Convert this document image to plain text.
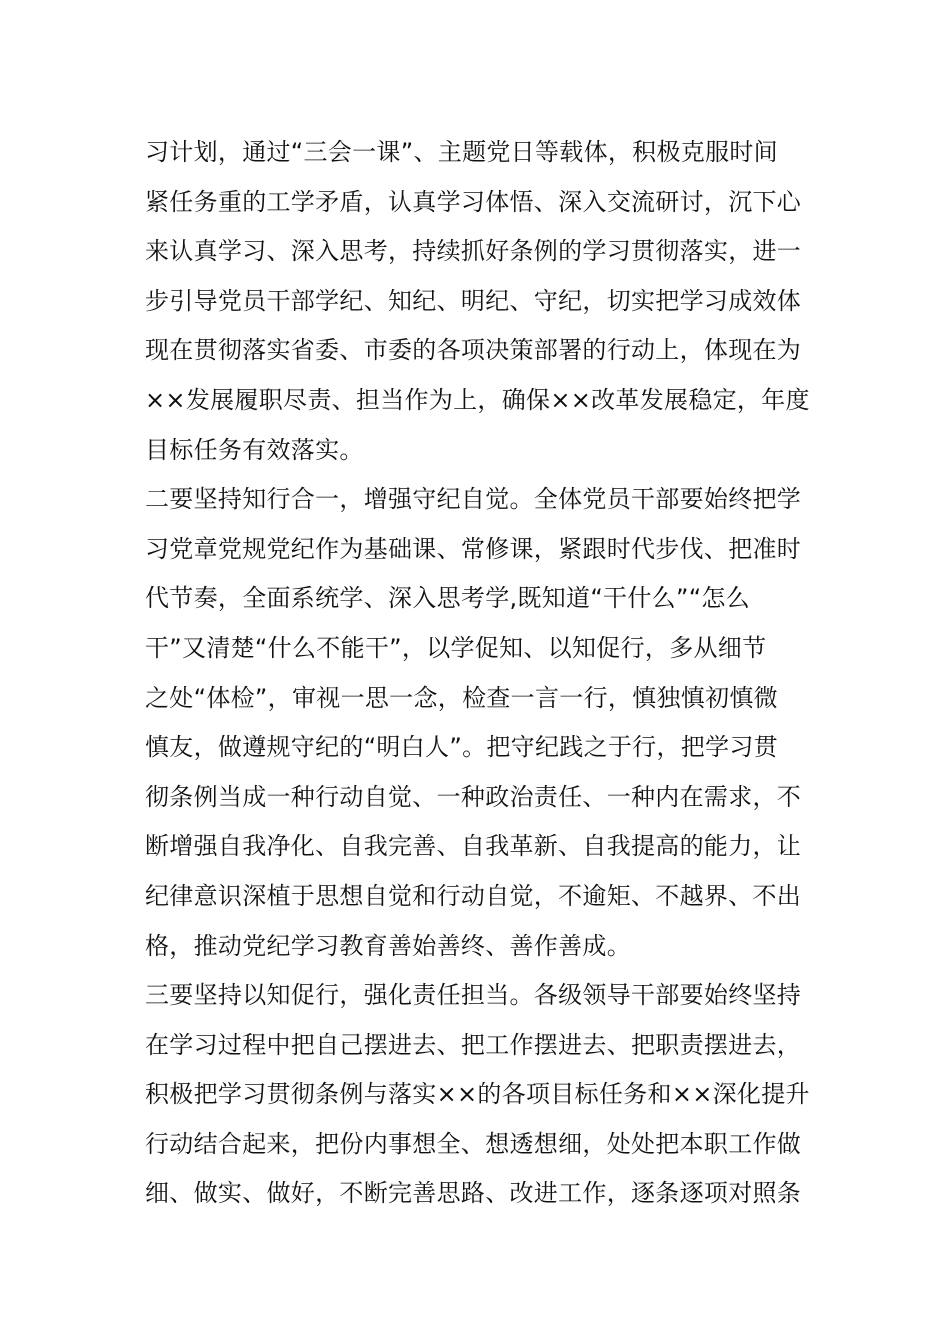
习计划，通过“三会一课”、主题党日等载体，积极克服时间
紧任务重的工学矛盾，认真学习体悟、深入交流研讨，沉下心
来认真学习、深入思考，持续抓好条例的学习贯彻落实，进一
步引导党员干部学纪、知纪、明纪、守纪，切实把学习成效体
现在贯彻落实省委、市委的各项决策部署的行动上，体现在为
××发展履职尽责、担当作为上，确保××改革发展稳定，年度
目标任务有效落实。
二要坚持知行合一，增强守纪自觉。全体党员干部要始终把学
习党章党规党纪作为基础课、常修课，紧跟时代步伐、把准时
代节奏，全面系统学、深入思考学,既知道“干什么”“怎么
干”又清楚“什么不能干”，以学促知、以知促行，多从细节
之处“体检”，审视一思一念，检查一言一行，慎独慎初慎微
慎友，做遵规守纪的“明白人”。把守纪践之于行，把学习贯
彻条例当成一种行动自觉、一种政治责任、一种内在需求，不
断增强自我净化、自我完善、自我革新、自我提高的能力，让
纪律意识深植于思想自觉和行动自觉，不逾矩、不越界、不出
格，推动党纪学习教育善始善终、善作善成。
三要坚持以知促行，强化责任担当。各级领导干部要始终坚持
在学习过程中把自己摆进去、把工作摆进去、把职责摆进去，
积极把学习贯彻条例与落实××的各项目标任务和××深化提升
行动结合起来，把份内事想全、想透想细，处处把本职工作做
细、做实、做好，不断完善思路、改进工作，逐条逐项对照条
